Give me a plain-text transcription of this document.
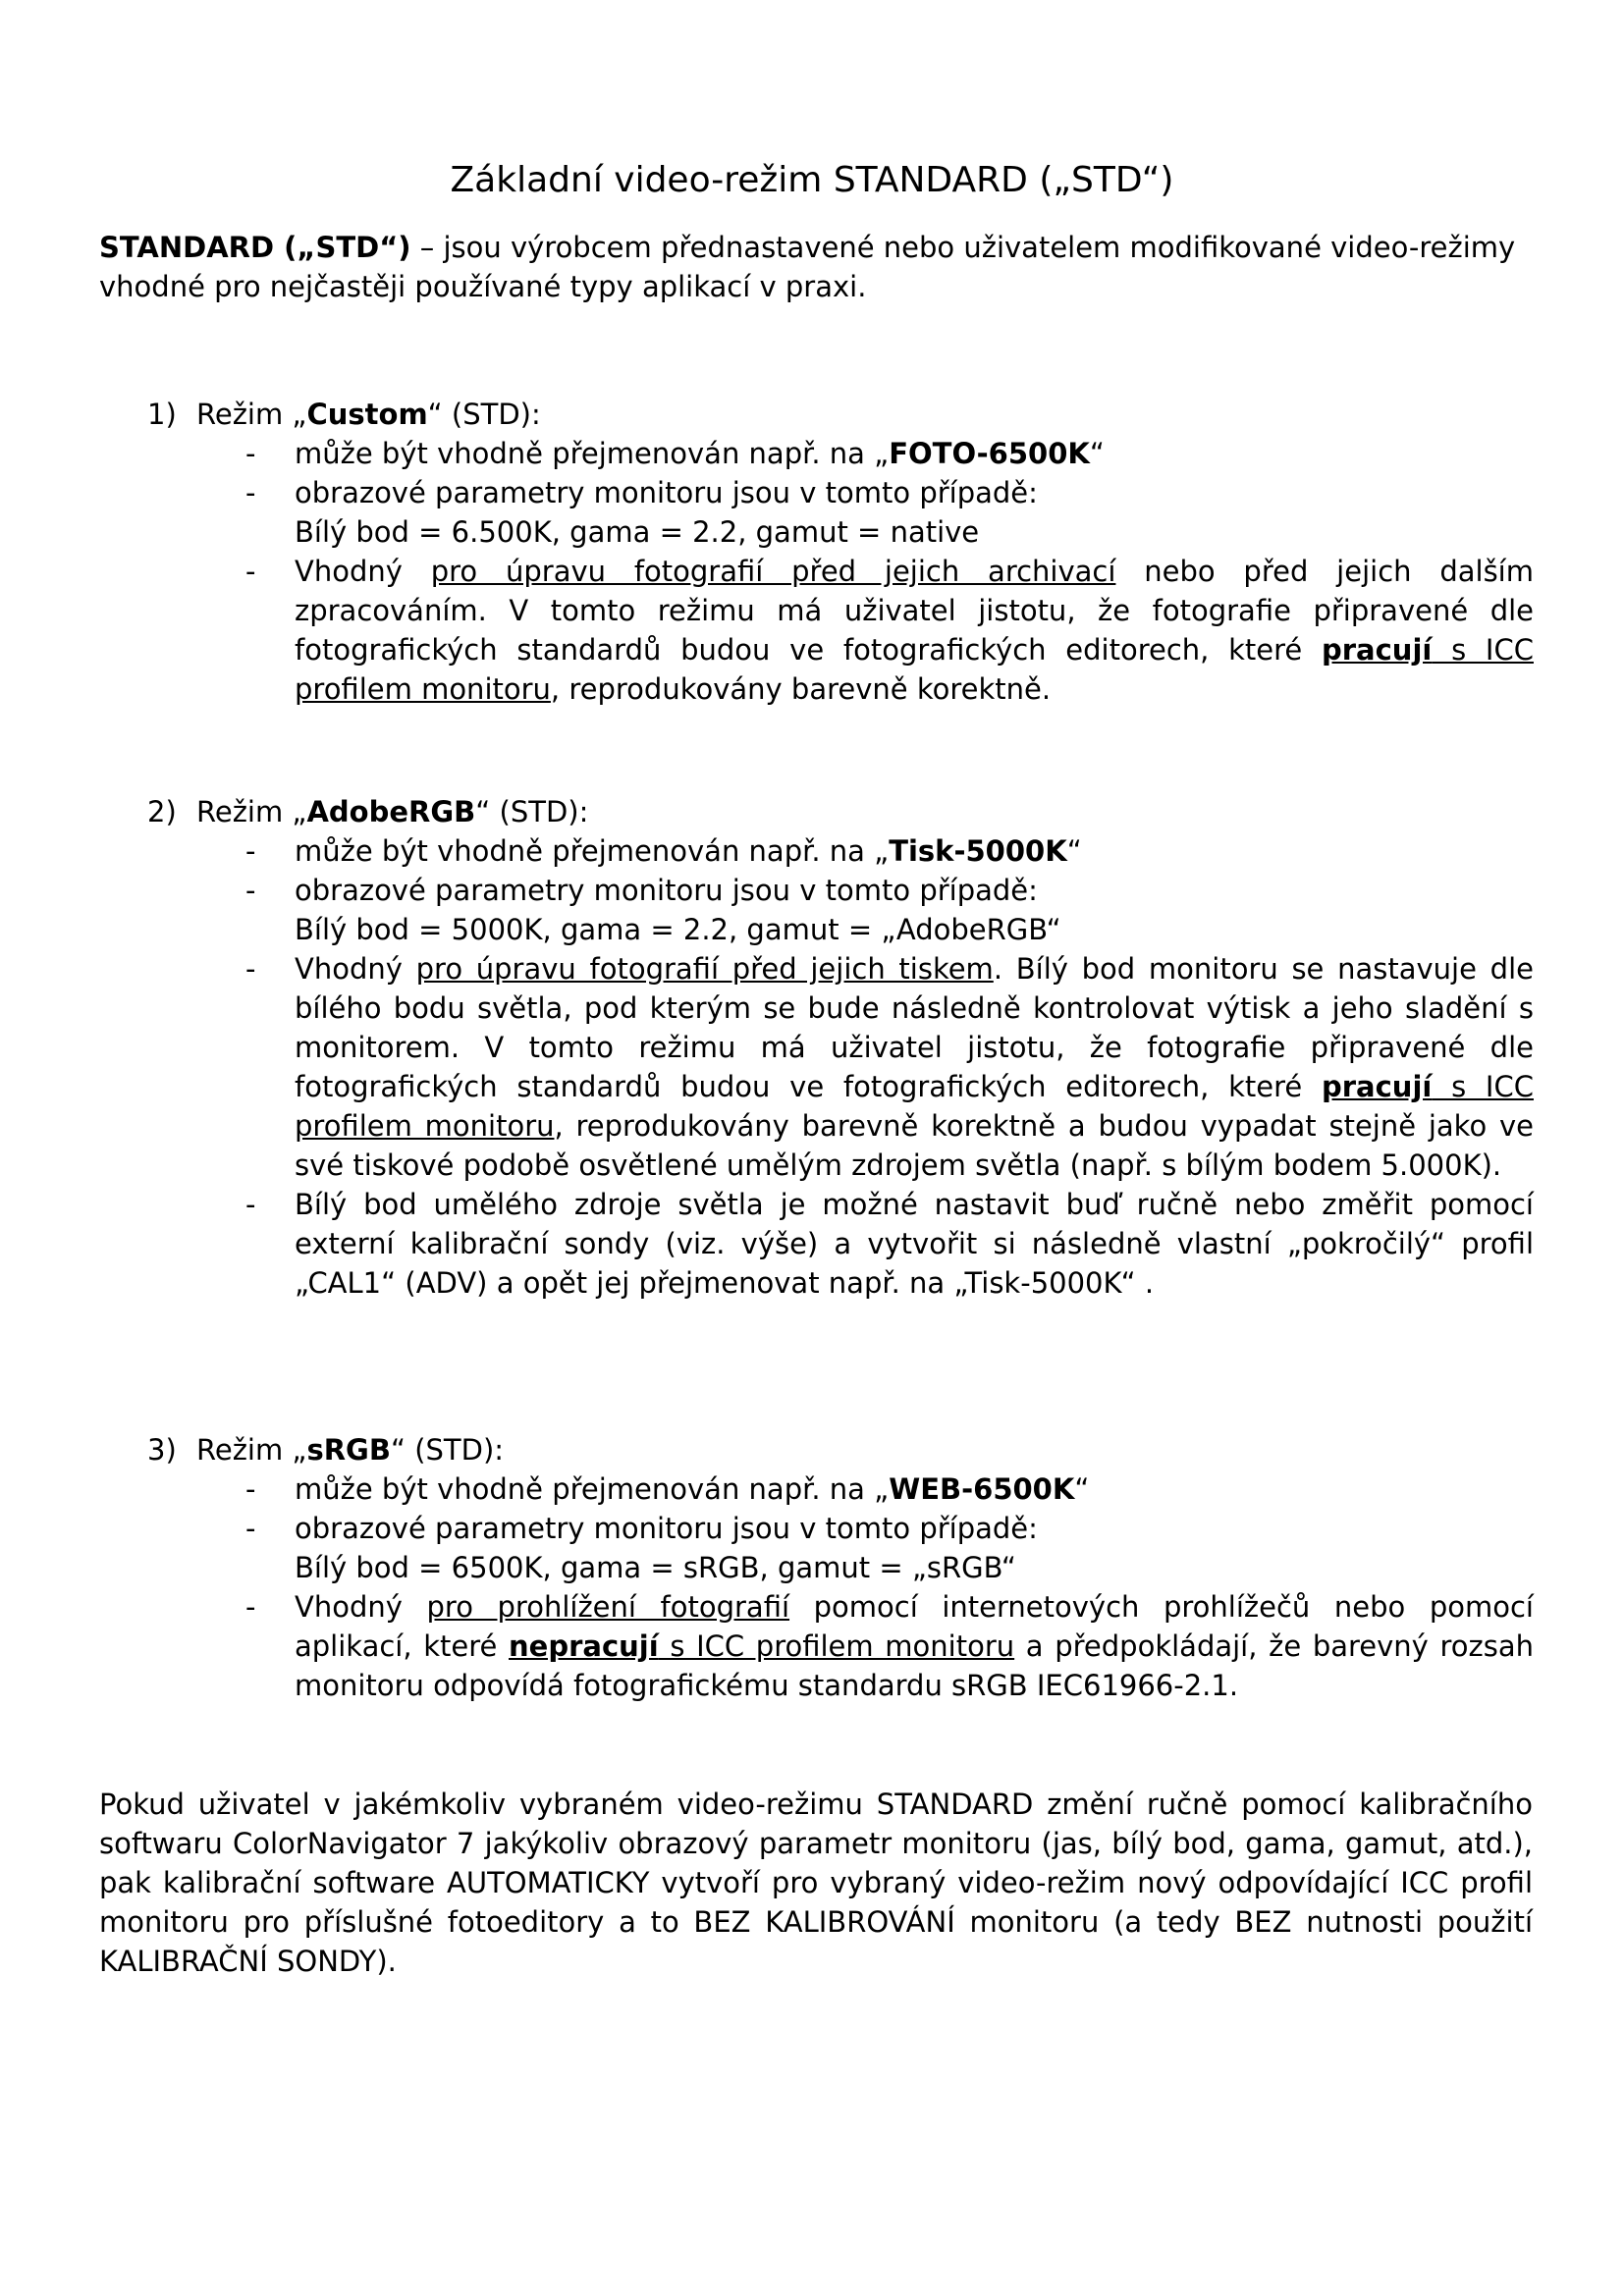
Základní video-režim STANDARD („STD“)

STANDARD („STD“) – jsou výrobcem přednastavené nebo uživatelem modifikované video-režimy vhodné pro nejčastěji používané typy aplikací v praxi.

1) Režim „Custom“ (STD):
- může být vhodně přejmenován např. na „FOTO-6500K“
- obrazové parametry monitoru jsou v tomto případě:
Bílý bod = 6.500K, gama = 2.2, gamut = native
- Vhodný pro úpravu fotografií před jejich archivací nebo před jejich dalším zpracováním. V tomto režimu má uživatel jistotu, že fotografie připravené dle fotografických standardů budou ve fotografických editorech, které pracují s ICC profilem monitoru, reprodukovány barevně korektně.
2) Režim „AdobeRGB“ (STD):
- může být vhodně přejmenován např. na „Tisk-5000K“
- obrazové parametry monitoru jsou v tomto případě:
Bílý bod = 5000K, gama = 2.2, gamut = „AdobeRGB“
- Vhodný pro úpravu fotografií před jejich tiskem. Bílý bod monitoru se nastavuje dle bílého bodu světla, pod kterým se bude následně kontrolovat výtisk a jeho sladění s monitorem. V tomto režimu má uživatel jistotu, že fotografie připravené dle fotografických standardů budou ve fotografických editorech, které pracují s ICC profilem monitoru, reprodukovány barevně korektně a budou vypadat stejně jako ve své tiskové podobě osvětlené umělým zdrojem světla (např. s bílým bodem 5.000K).
- Bílý bod umělého zdroje světla je možné nastavit buď ručně nebo změřit pomocí externí kalibrační sondy (viz. výše) a vytvořit si následně vlastní „pokročilý“ profil „CAL1“ (ADV) a opět jej přejmenovat např. na „Tisk-5000K“ .
3) Režim „sRGB“ (STD):
- může být vhodně přejmenován např. na „WEB-6500K“
- obrazové parametry monitoru jsou v tomto případě:
Bílý bod = 6500K, gama = sRGB, gamut = „sRGB“
- Vhodný pro prohlížení fotografií pomocí internetových prohlížečů nebo pomocí aplikací, které nepracují s ICC profilem monitoru a předpokládají, že barevný rozsah monitoru odpovídá fotografickému standardu sRGB IEC61966-2.1.

Pokud uživatel v jakémkoliv vybraném video-režimu STANDARD změní ručně pomocí kalibračního softwaru ColorNavigator 7 jakýkoliv obrazový parametr monitoru (jas, bílý bod, gama, gamut, atd.), pak kalibrační software AUTOMATICKY vytvoří pro vybraný video-režim nový odpovídající ICC profil monitoru pro příslušné fotoeditory a to BEZ KALIBROVÁNÍ monitoru (a tedy BEZ nutnosti použití KALIBRAČNÍ SONDY).
